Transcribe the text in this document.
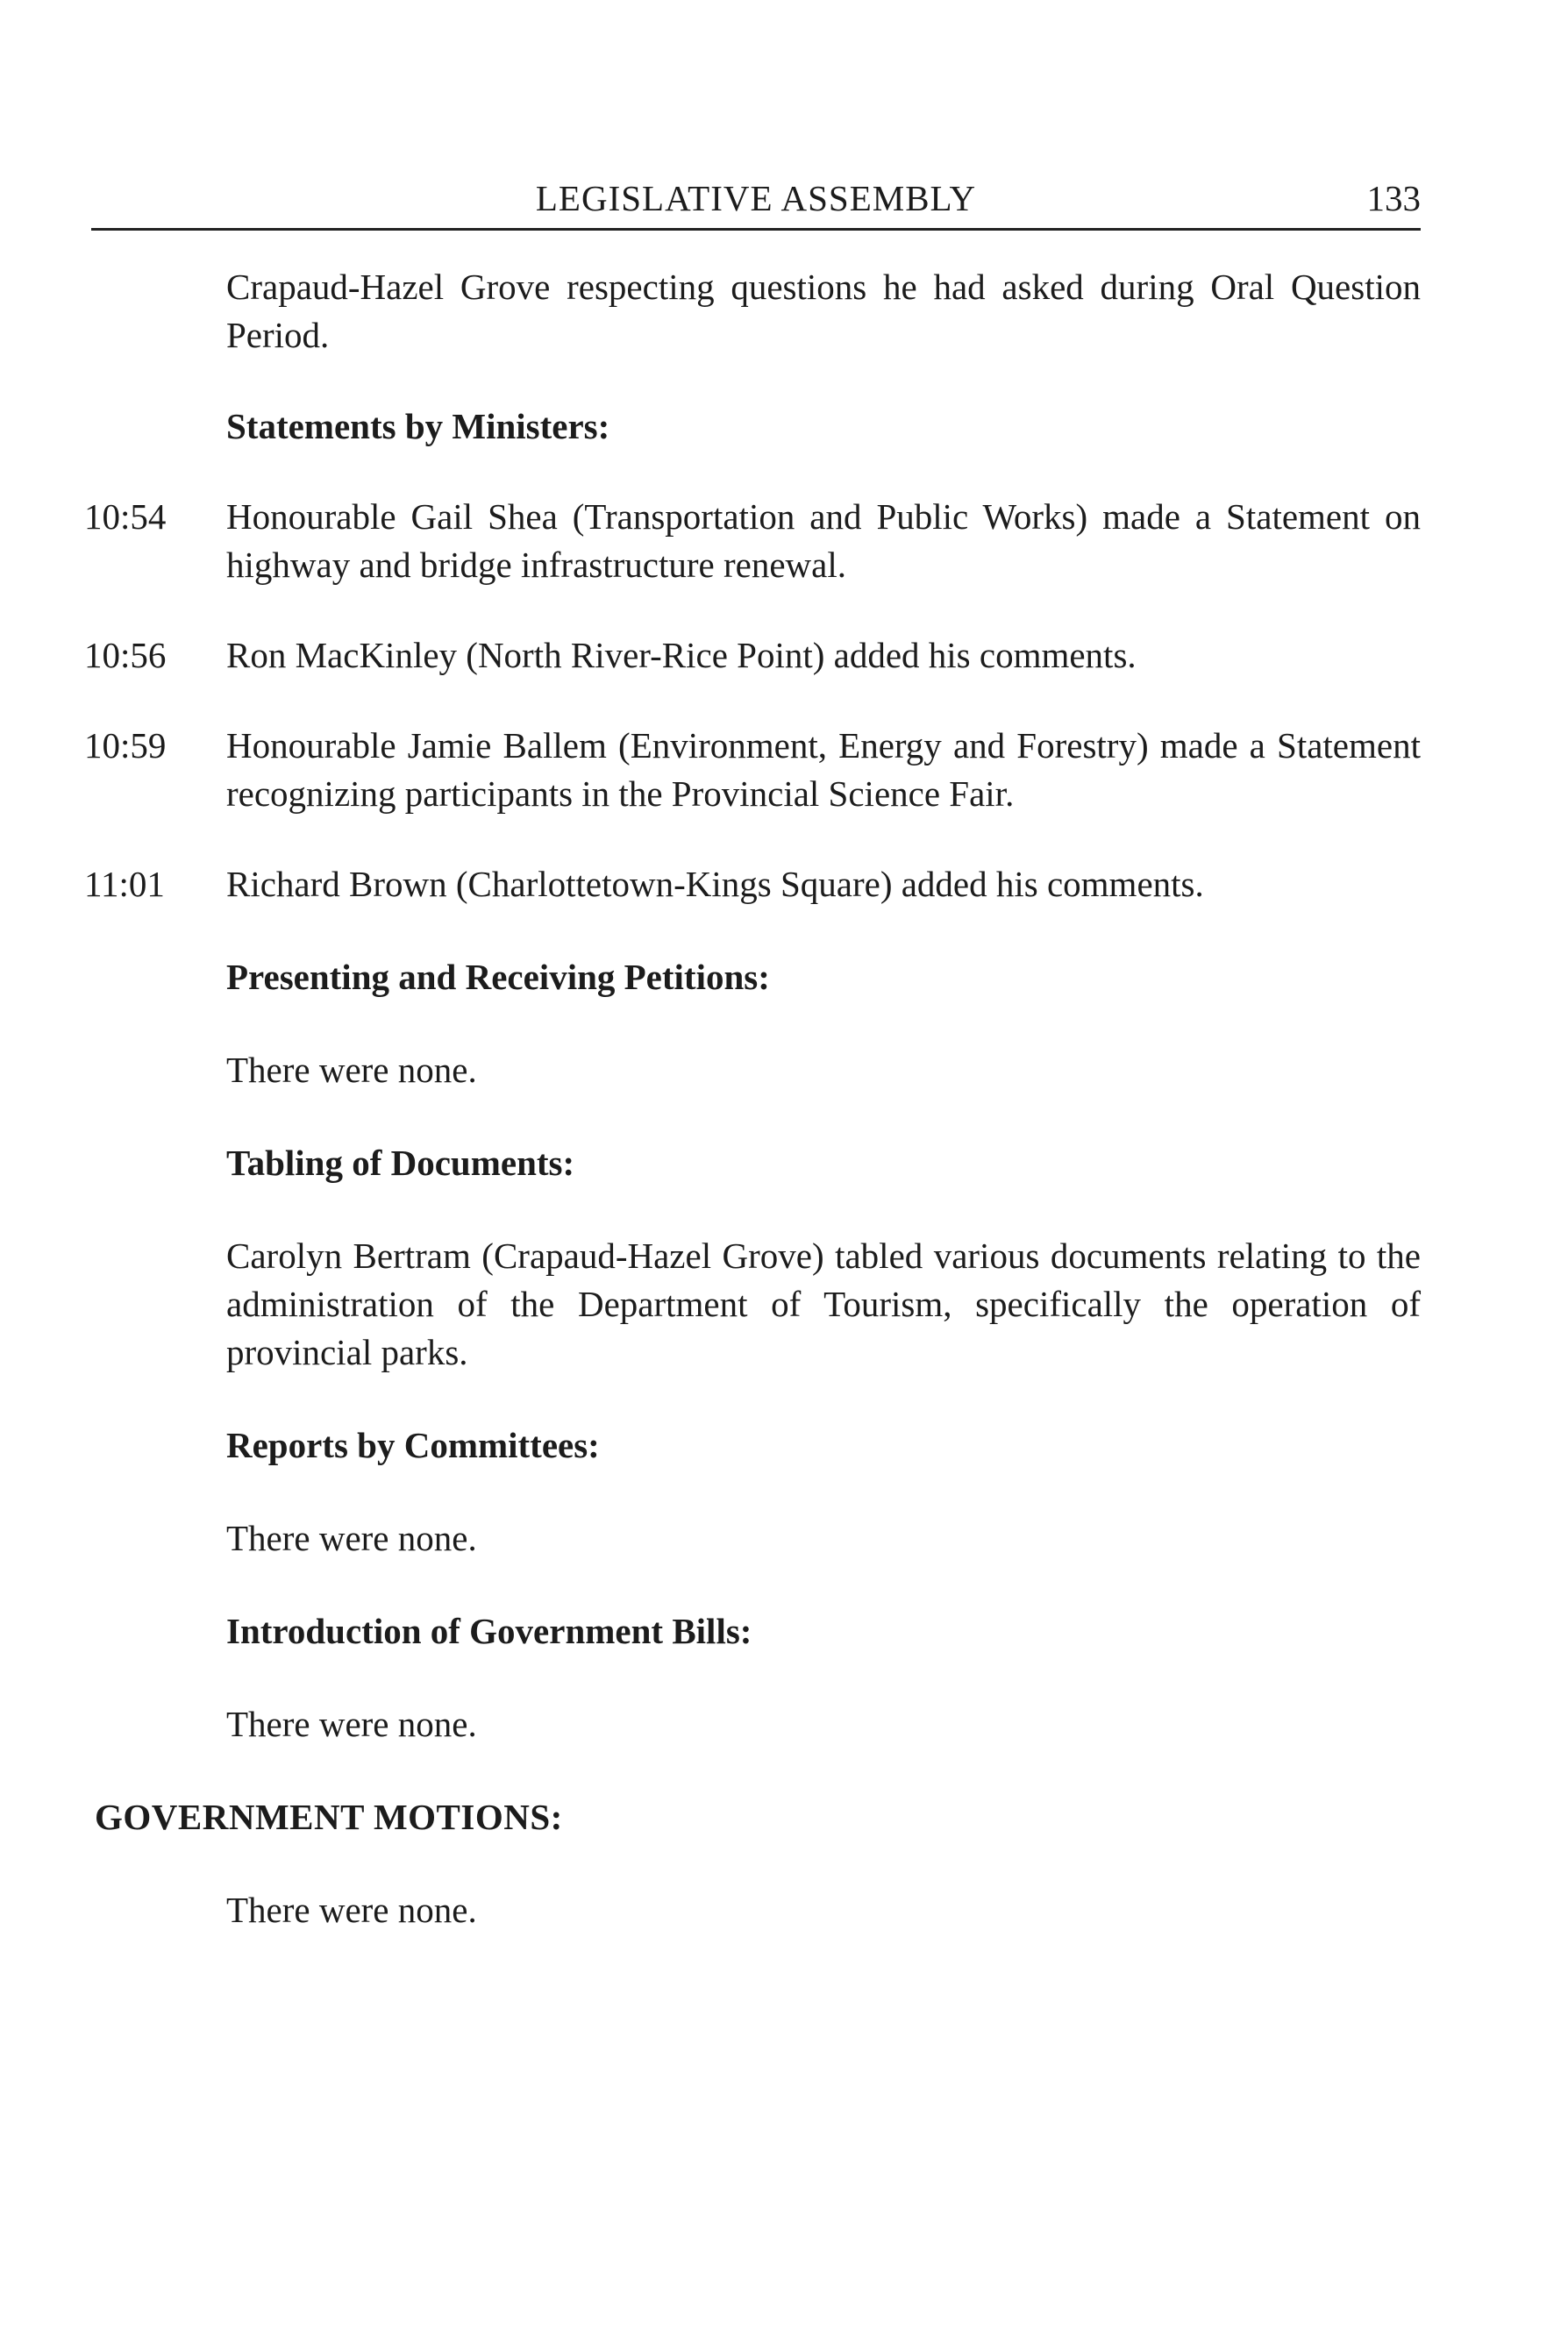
LEGISLATIVE ASSEMBLY	133
Crapaud-Hazel Grove respecting questions he had asked during Oral Question Period.
Statements by Ministers:
10:54 Honourable Gail Shea (Transportation and Public Works) made a Statement on highway and bridge infrastructure renewal.
10:56 Ron MacKinley (North River-Rice Point) added his comments.
10:59 Honourable Jamie Ballem (Environment, Energy and Forestry) made a Statement recognizing participants in the Provincial Science Fair.
11:01 Richard Brown (Charlottetown-Kings Square) added his comments.
Presenting and Receiving Petitions:
There were none.
Tabling of Documents:
Carolyn Bertram (Crapaud-Hazel Grove) tabled various documents relating to the administration of the Department of Tourism, specifically the operation of provincial parks.
Reports by Committees:
There were none.
Introduction of Government Bills:
There were none.
GOVERNMENT MOTIONS:
There were none.
